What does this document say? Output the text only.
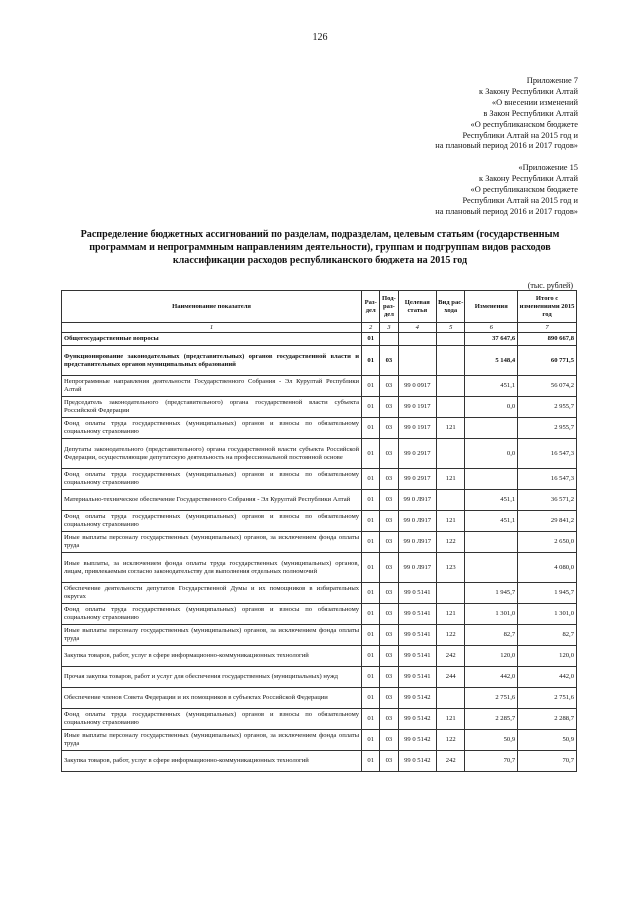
126
Приложение 7
к Закону Республики Алтай
«О внесении изменений
в Закон Республики Алтай
«О республиканском бюджете
Республики Алтай на 2015 год и
на плановый период 2016 и 2017 годов»
«Приложение 15
к Закону Республики Алтай
«О республиканском бюджете
Республики Алтай на 2015 год и
на плановый период 2016 и 2017 годов»
Распределение бюджетных ассигнований по разделам, подразделам, целевым статьям (государственным программам и непрограммным направлениям деятельности), группам и подгруппам видов расходов классификации расходов республиканского бюджета на 2015 год
(тыс. рублей)
Наименование показателя	Раз-дел	Под-раз-дел	Целевая статья	Вид рас-хода	Изменения	Итого с изменениями 2015 год
1	2	3	4	5	6	7
Общегосударственные вопросы	01				37 647,6	890 667,8
Функционирование законодательных (представительных) органов государственной власти и представительных органов муниципальных образований	01	03			5 148,4	60 771,5
Непрограммные направления деятельности Государственного Собрания - Эл Курултай Республики Алтай	01	03	99 0 0917		451,1	56 074,2
Председатель законодательного (представительного) органа государственной власти субъекта Российской Федерации	01	03	99 0 1917		0,0	2 955,7
Фонд оплаты труда государственных (муниципальных) органов и взносы по обязательному социальному страхованию	01	03	99 0 1917	121		2 955,7
Депутаты законодательного (представительного) органа государственной власти субъекта Российской Федерации, осуществляющие депутатскую деятельность на профессиональной постоянной основе	01	03	99 0 2917		0,0	16 547,3
Фонд оплаты труда государственных (муниципальных) органов и взносы по обязательному социальному страхованию	01	03	99 0 2917	121		16 547,3
Материально-техническое обеспечение Государственного Собрания - Эл Курултай Республики Алтай	01	03	99 0 Л917		451,1	36 571,2
Фонд оплаты труда государственных (муниципальных) органов и взносы по обязательному социальному страхованию	01	03	99 0 Л917	121	451,1	29 841,2
Иные выплаты персоналу государственных (муниципальных) органов, за исключением фонда оплаты труда	01	03	99 0 Л917	122		2 650,0
Иные выплаты, за исключением фонда оплаты труда государственных (муниципальных) органов, лицам, привлекаемым согласно законодательству для выполнения отдельных полномочий	01	03	99 0 Л917	123		4 080,0
Обеспечение деятельности депутатов Государственной Думы и их помощников в избирательных округах	01	03	99 0 5141		1 945,7	1 945,7
Фонд оплаты труда государственных (муниципальных) органов и взносы по обязательному социальному страхованию	01	03	99 0 5141	121	1 301,0	1 301,0
Иные выплаты персоналу государственных (муниципальных) органов, за исключением фонда оплаты труда	01	03	99 0 5141	122	82,7	82,7
Закупка товаров, работ, услуг в сфере информационно-коммуникационных технологий	01	03	99 0 5141	242	120,0	120,0
Прочая закупка товаров, работ и услуг для обеспечения государственных (муниципальных) нужд	01	03	99 0 5141	244	442,0	442,0
Обеспечение членов Совета Федерации и их помощников в субъектах Российской Федерации	01	03	99 0 5142		2 751,6	2 751,6
Фонд оплаты труда государственных (муниципальных) органов и взносы по обязательному социальному страхованию	01	03	99 0 5142	121	2 285,7	2 288,7
Иные выплаты персоналу государственных (муниципальных) органов, за исключением фонда оплаты труда	01	03	99 0 5142	122	50,9	50,9
Закупка товаров, работ, услуг в сфере информационно-коммуникационных технологий	01	03	99 0 5142	242	70,7	70,7
